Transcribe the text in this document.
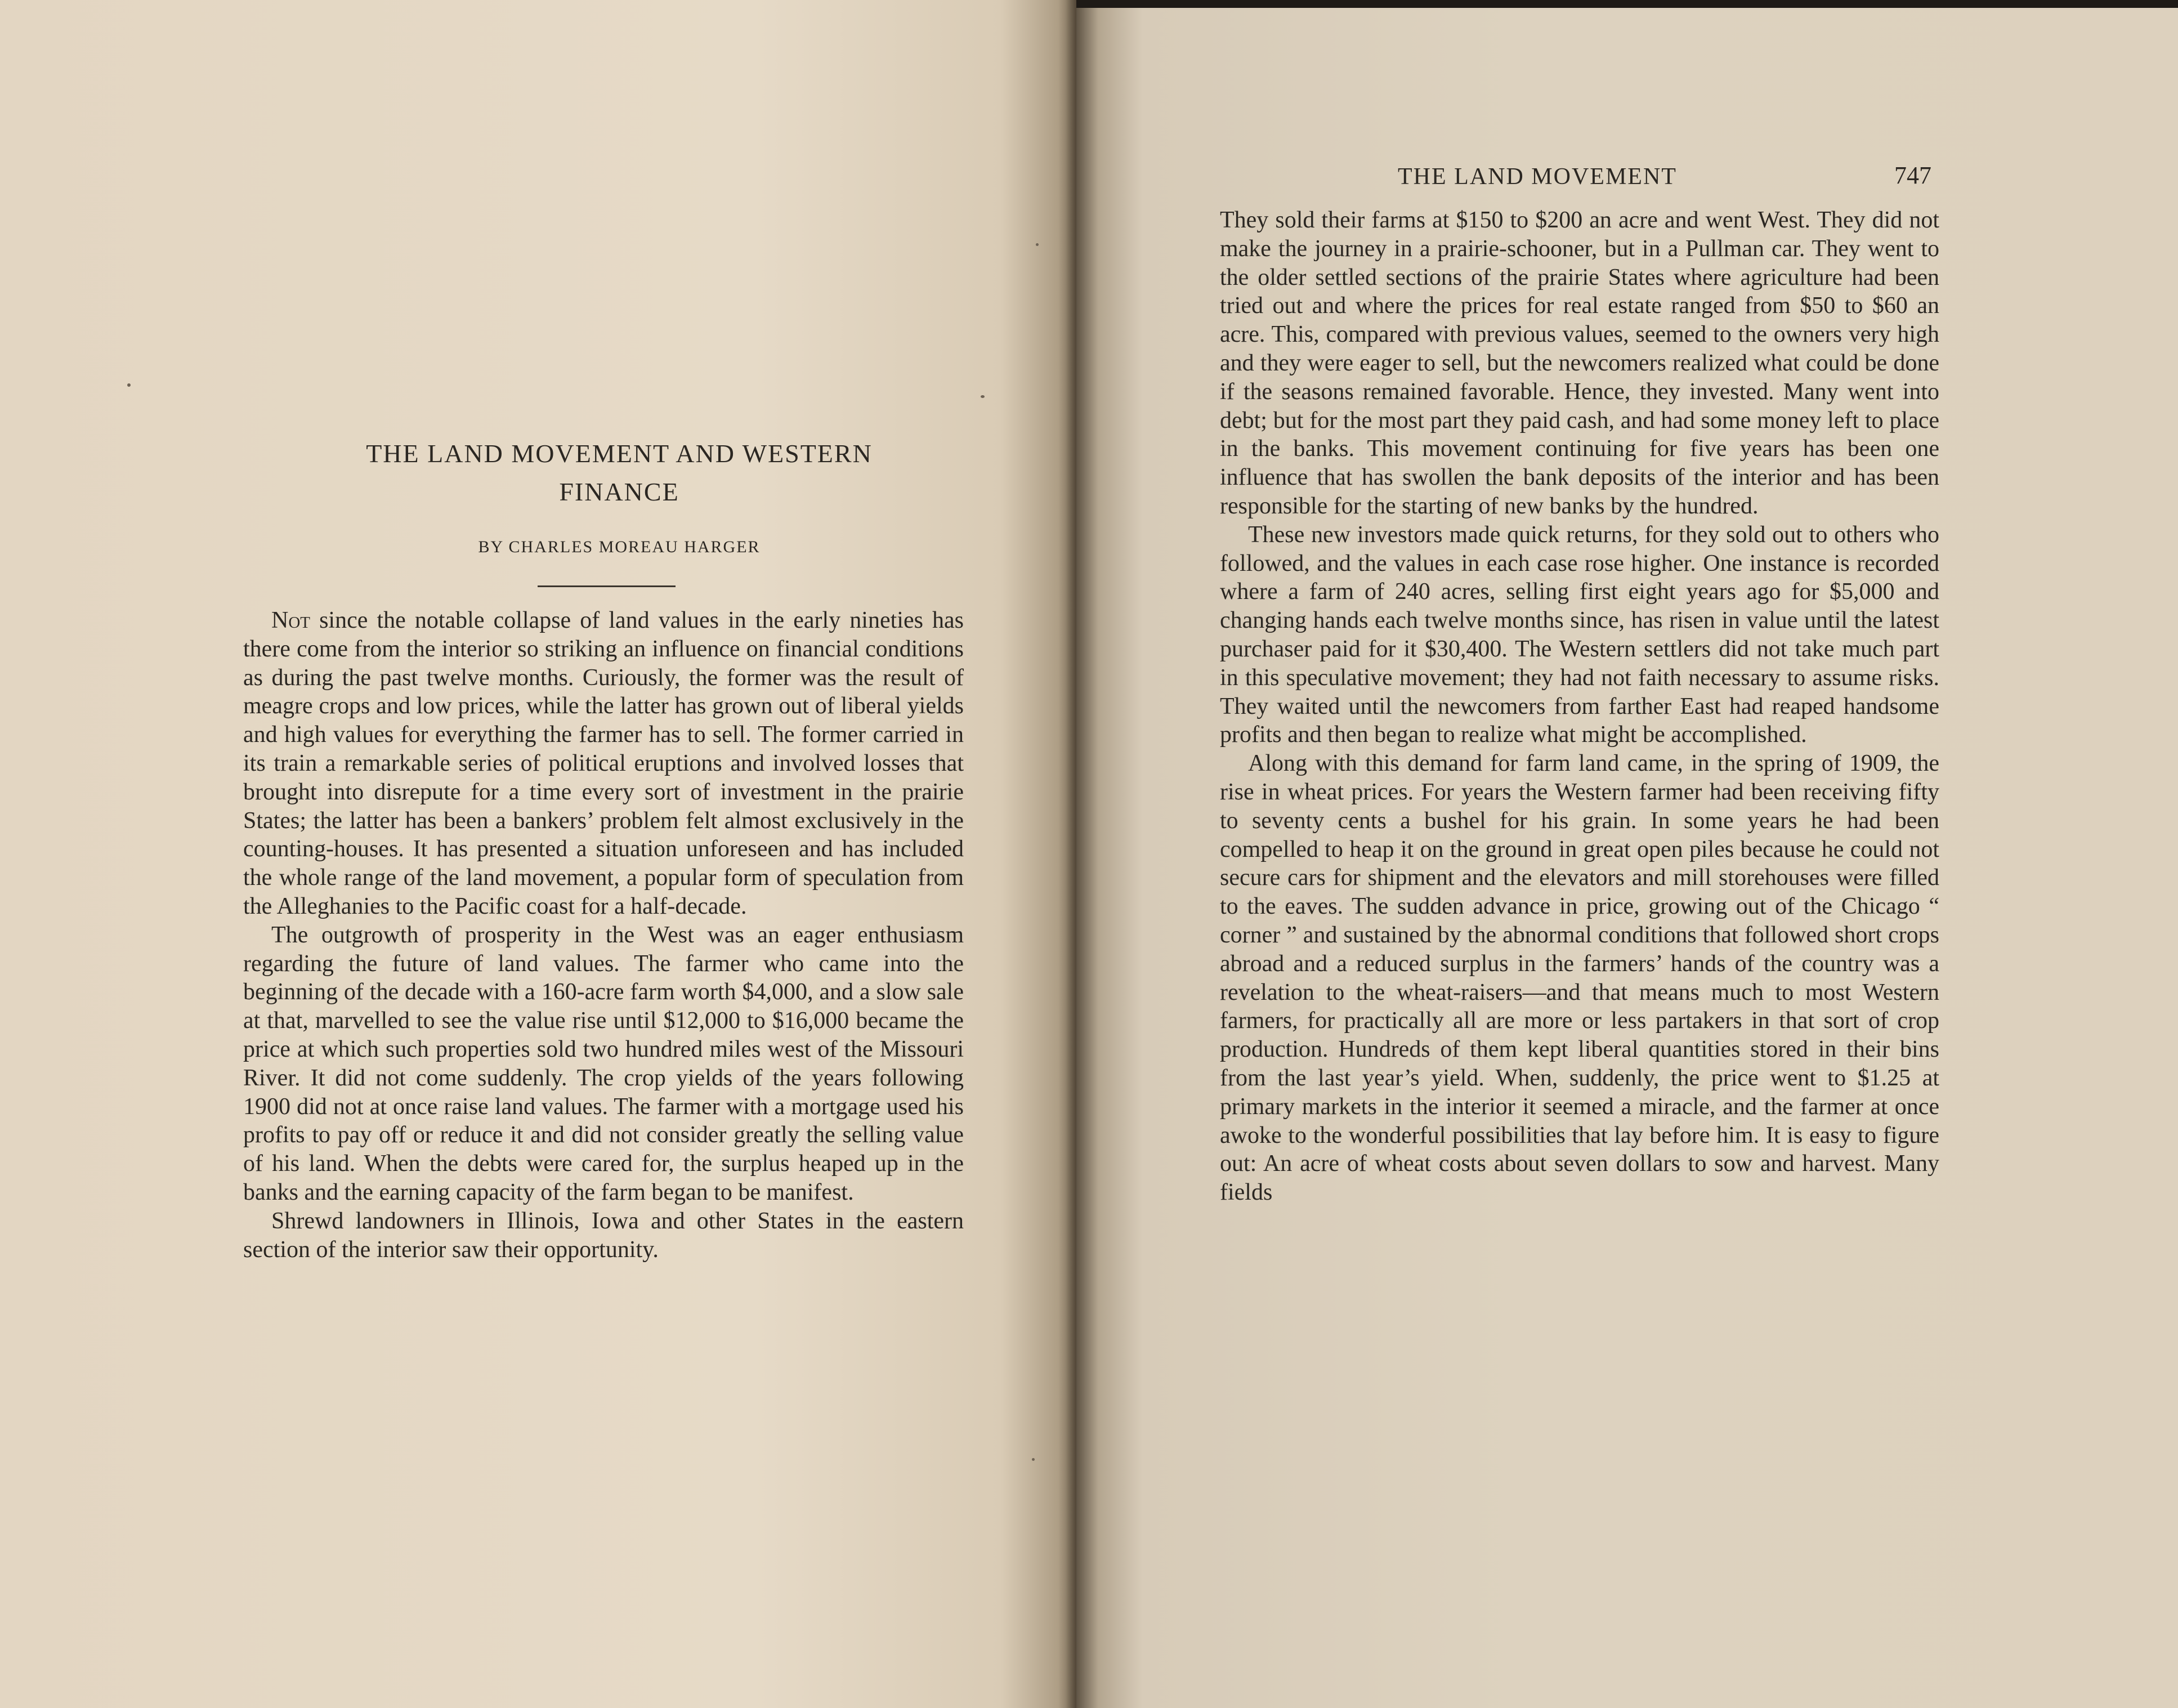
THE LAND MOVEMENT AND WESTERN
FINANCE

BY CHARLES MOREAU HARGER

Not since the notable collapse of land values in the early nineties has there come from the interior so striking an influence on financial conditions as during the past twelve months. Curiously, the former was the result of meagre crops and low prices, while the latter has grown out of liberal yields and high values for everything the farmer has to sell. The former carried in its train a remarkable series of political eruptions and involved losses that brought into disrepute for a time every sort of investment in the prairie States; the latter has been a bankers’ problem felt almost exclusively in the counting-houses. It has presented a situation unforeseen and has included the whole range of the land movement, a popular form of speculation from the Alleghanies to the Pacific coast for a half-decade.

The outgrowth of prosperity in the West was an eager enthusiasm regarding the future of land values. The farmer who came into the beginning of the decade with a 160-acre farm worth $4,000, and a slow sale at that, marvelled to see the value rise until $12,000 to $16,000 became the price at which such properties sold two hundred miles west of the Missouri River. It did not come suddenly. The crop yields of the years following 1900 did not at once raise land values. The farmer with a mortgage used his profits to pay off or reduce it and did not consider greatly the selling value of his land. When the debts were cared for, the surplus heaped up in the banks and the earning capacity of the farm began to be manifest.

Shrewd landowners in Illinois, Iowa and other States in the eastern section of the interior saw their opportunity.

THE LAND MOVEMENT	747

They sold their farms at $150 to $200 an acre and went West. They did not make the journey in a prairie-schooner, but in a Pullman car. They went to the older settled sections of the prairie States where agriculture had been tried out and where the prices for real estate ranged from $50 to $60 an acre. This, compared with previous values, seemed to the owners very high and they were eager to sell, but the newcomers realized what could be done if the seasons remained favorable. Hence, they invested. Many went into debt; but for the most part they paid cash, and had some money left to place in the banks. This movement continuing for five years has been one influence that has swollen the bank deposits of the interior and has been responsible for the starting of new banks by the hundred.

These new investors made quick returns, for they sold out to others who followed, and the values in each case rose higher. One instance is recorded where a farm of 240 acres, selling first eight years ago for $5,000 and changing hands each twelve months since, has risen in value until the latest purchaser paid for it $30,400. The Western settlers did not take much part in this speculative movement; they had not faith necessary to assume risks. They waited until the newcomers from farther East had reaped handsome profits and then began to realize what might be accomplished.

Along with this demand for farm land came, in the spring of 1909, the rise in wheat prices. For years the Western farmer had been receiving fifty to seventy cents a bushel for his grain. In some years he had been compelled to heap it on the ground in great open piles because he could not secure cars for shipment and the elevators and mill storehouses were filled to the eaves. The sudden advance in price, growing out of the Chicago “ corner ” and sustained by the abnormal conditions that followed short crops abroad and a reduced surplus in the farmers’ hands of the country was a revelation to the wheat-raisers—and that means much to most Western farmers, for practically all are more or less partakers in that sort of crop production. Hundreds of them kept liberal quantities stored in their bins from the last year’s yield. When, suddenly, the price went to $1.25 at primary markets in the interior it seemed a miracle, and the farmer at once awoke to the wonderful possibilities that lay before him. It is easy to figure out: An acre of wheat costs about seven dollars to sow and harvest. Many fields
